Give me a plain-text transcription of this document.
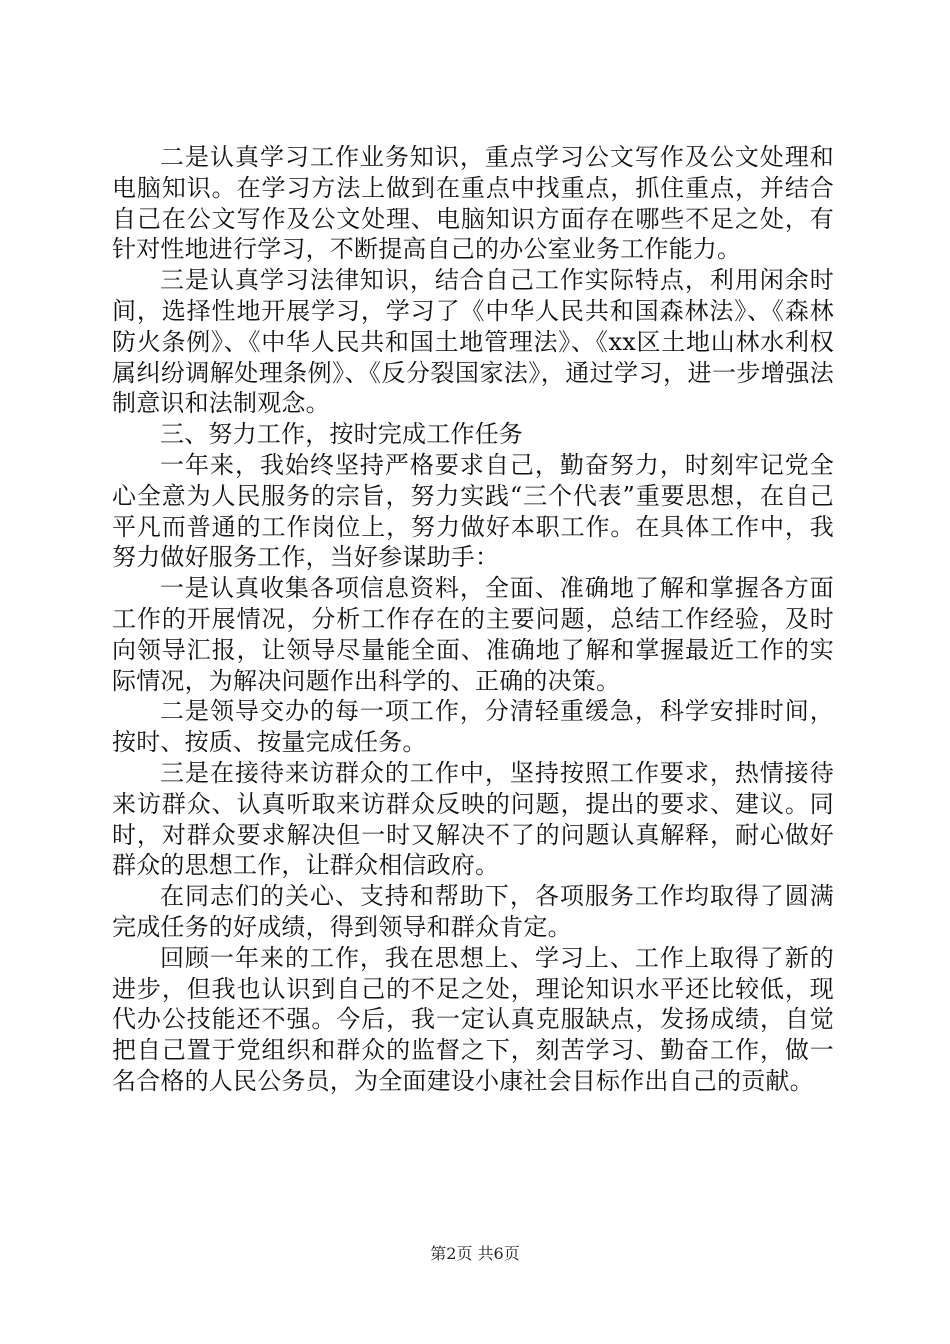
二是认真学习工作业务知识，重点学习公文写作及公文处理和电脑知识。在学习方法上做到在重点中找重点，抓住重点，并结合自己在公文写作及公文处理、电脑知识方面存在哪些不足之处，有针对性地进行学习，不断提高自己的办公室业务工作能力。

三是认真学习法律知识，结合自己工作实际特点，利用闲余时间，选择性地开展学习，学习了《中华人民共和国森林法》、《森林防火条例》、《中华人民共和国土地管理法》、《xx区土地山林水利权属纠纷调解处理条例》、《反分裂国家法》，通过学习，进一步增强法制意识和法制观念。

三、努力工作，按时完成工作任务

一年来，我始终坚持严格要求自己，勤奋努力，时刻牢记党全心全意为人民服务的宗旨，努力实践“三个代表”重要思想，在自己平凡而普通的工作岗位上，努力做好本职工作。在具体工作中，我努力做好服务工作，当好参谋助手：

一是认真收集各项信息资料，全面、准确地了解和掌握各方面工作的开展情况，分析工作存在的主要问题，总结工作经验，及时向领导汇报，让领导尽量能全面、准确地了解和掌握最近工作的实际情况，为解决问题作出科学的、正确的决策。

二是领导交办的每一项工作，分清轻重缓急，科学安排时间，按时、按质、按量完成任务。

三是在接待来访群众的工作中，坚持按照工作要求，热情接待来访群众、认真听取来访群众反映的问题，提出的要求、建议。同时，对群众要求解决但一时又解决不了的问题认真解释，耐心做好群众的思想工作，让群众相信政府。

在同志们的关心、支持和帮助下，各项服务工作均取得了圆满完成任务的好成绩，得到领导和群众肯定。

回顾一年来的工作，我在思想上、学习上、工作上取得了新的进步，但我也认识到自己的不足之处，理论知识水平还比较低，现代办公技能还不强。今后，我一定认真克服缺点，发扬成绩，自觉把自己置于党组织和群众的监督之下，刻苦学习、勤奋工作，做一名合格的人民公务员，为全面建设小康社会目标作出自己的贡献。

第2页 共6页
